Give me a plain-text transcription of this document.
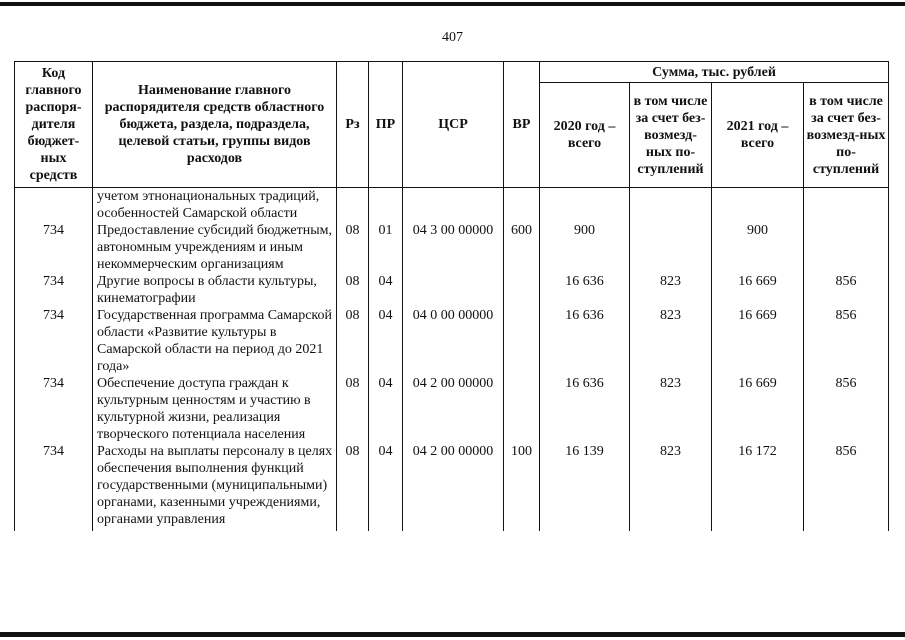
407
Код главного распоря-дителя бюджет-ных средств	Наименование главного распорядителя средств областного бюджета, раздела, подраздела, целевой статьи, группы видов расходов	Рз	ПР	ЦСР	ВР	Сумма, тыс. рублей			
						2020 год – всего	в том числе за счет без-возмезд-ных по-ступлений	2021 год – всего	в том числе за счет без-возмезд-ных по-ступлений
	учетом этнонациональных традиций, особенностей Самарской области								
734	Предоставление субсидий бюджетным, автономным учреждениям и иным некоммерческим организациям	08	01	04 3 00 00000	600	900		900	
734	Другие вопросы в области культуры, кинематографии	08	04			16 636	823	16 669	856
734	Государственная программа Самарской области «Развитие культуры в Самарской области на период до 2021 года»	08	04	04 0 00 00000		16 636	823	16 669	856
734	Обеспечение доступа граждан к культурным ценностям и участию в культурной жизни, реализация творческого потенциала населения	08	04	04 2 00 00000		16 636	823	16 669	856
734	Расходы на выплаты персоналу в целях обеспечения выполнения функций государственными (муниципальными) органами, казенными учреждениями, органами управления	08	04	04 2 00 00000	100	16 139	823	16 172	856
